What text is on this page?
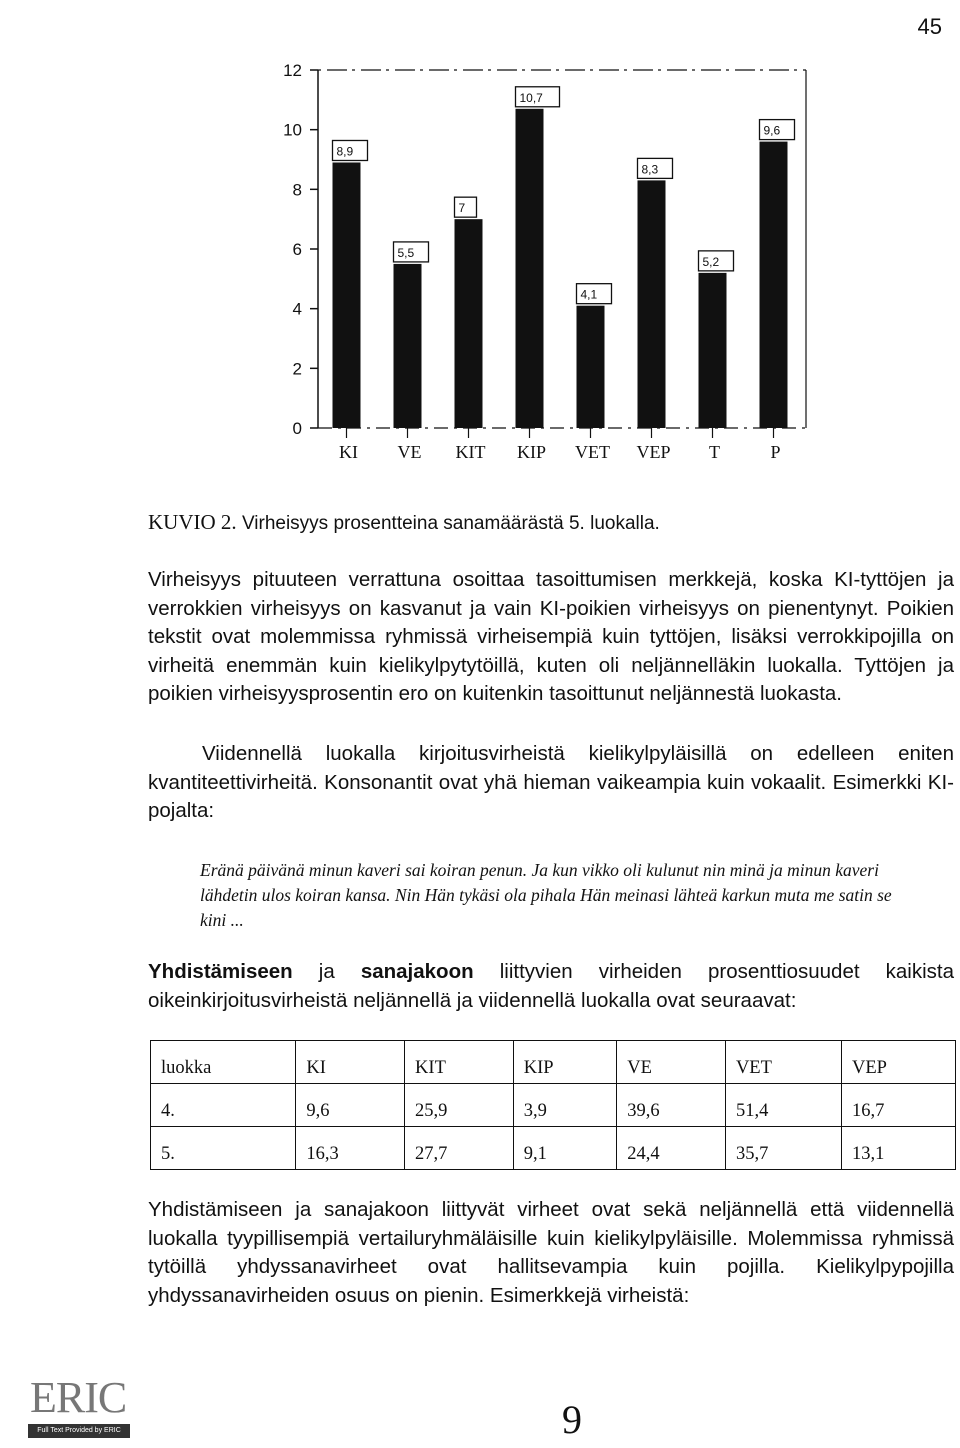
45
0
2
4
6
8
10
12
8,9
KI
5,5
VE
7
KIT
10,7
KIP
4,1
VET
8,3
VEP
5,2
T
9,6
P
KUVIO 2. Virheisyys prosentteina sanamäärästä 5. luokalla.
Virheisyys pituuteen verrattuna osoittaa tasoittumisen merkkejä, koska KI-tyttöjen ja verrokkien virheisyys on kasvanut ja vain KI-poikien virheisyys on pienentynyt. Poikien tekstit ovat molemmissa ryhmissä virheisempiä kuin tyttöjen, lisäksi verrokkipojilla on virheitä enemmän kuin kielikylpytytöillä, kuten oli neljännelläkin luokalla. Tyttöjen ja poikien virheisyysprosentin ero on kuitenkin tasoittunut neljännestä luokasta.
Viidennellä luokalla kirjoitusvirheistä kielikylpyläisillä on edelleen eniten kvantiteettivirheitä. Konsonantit ovat yhä hieman vaikeampia kuin vokaalit. Esimerkki KI-pojalta:
Eränä päivänä minun kaveri sai koiran penun. Ja kun vikko oli kulunut nin minä ja minun kaveri lähdetin ulos koiran kansa. Nin Hän tykäsi ola pihala Hän meinasi lähteä karkun muta me satin se kini ...
Yhdistämiseen ja sanajakoon liittyvien virheiden prosenttiosuudet kaikista oikeinkirjoitusvirheistä neljännellä ja viidennellä luokalla ovat seuraavat:
luokka	KI	KIT	KIP	VE	VET	VEP
4.	9,6	25,9	3,9	39,6	51,4	16,7
5.	16,3	27,7	9,1	24,4	35,7	13,1
Yhdistämiseen ja sanajakoon liittyvät virheet ovat sekä neljännellä että viidennellä luokalla tyypillisempiä vertailuryhmäläisille kuin kielikylpyläisille. Molemmissa ryhmissä tytöillä yhdyssanavirheet ovat hallitsevampia kuin pojilla. Kielikylpypojilla yhdyssanavirheiden osuus on pienin. Esimerkkejä virheistä:
9
ERIC
Full Text Provided by ERIC
